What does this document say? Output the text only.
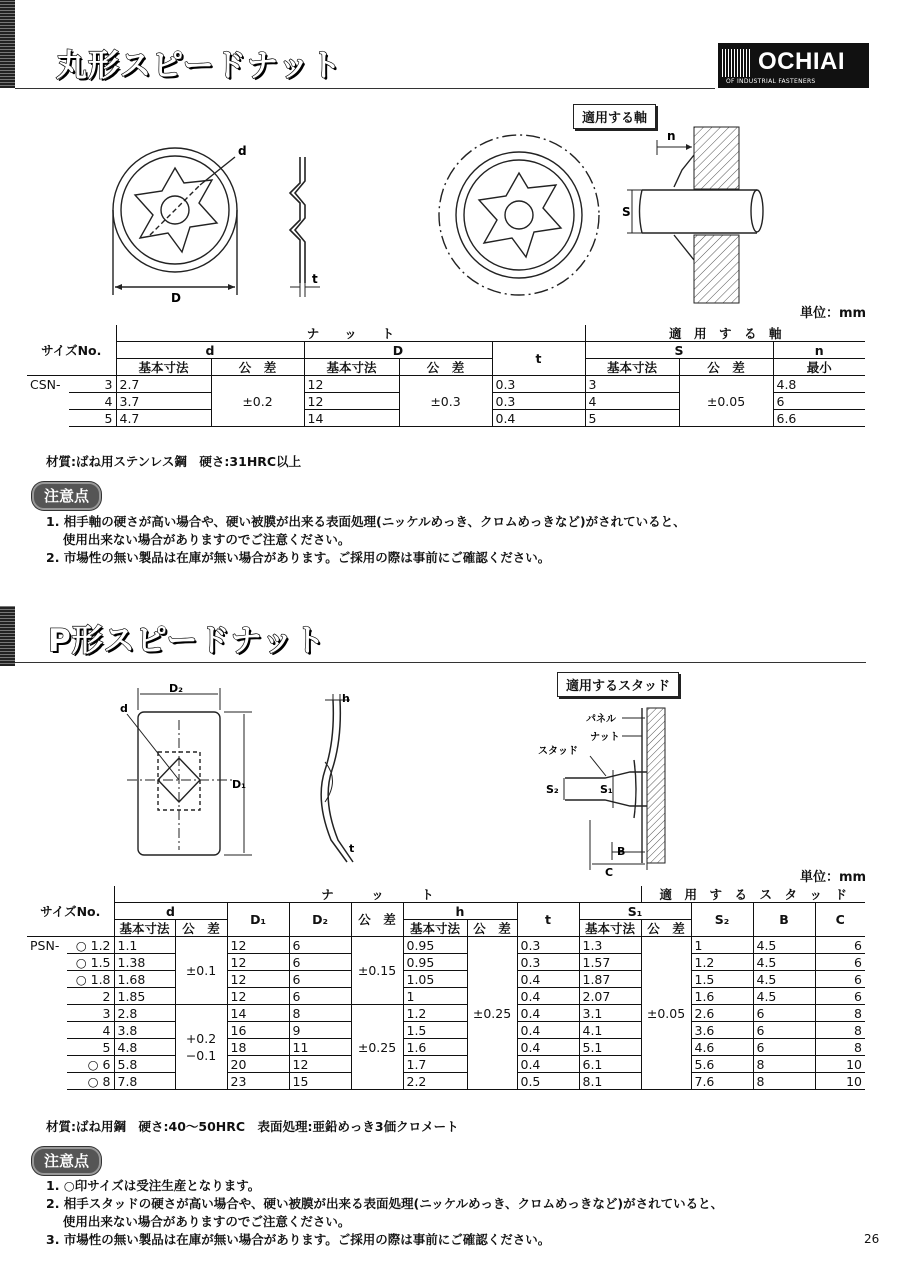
丸形スピードナット	OCHIAI
OF INDUSTRIAL FASTENERS
d
D
t
適用する軸
n
S
単位：mm
サイズNo.		ナ　　ッ　　ト					適　用　す　る　軸		
		d		D		t	S		n
		基本寸法	公　差	基本寸法	公　差		基本寸法	公　差	最小
CSN-	3	2.7	±0.2	12	±0.3	0.3	3	±0.05	4.8
	4	3.7		12		0.3	4		6
	5	4.7		14		0.4	5		6.6
材質:ばね用ステンレス鋼　硬さ:31HRC以上
注意点
1. 相手軸の硬さが高い場合や、硬い被膜が出来る表面処理(ニッケルめっき、クロムめっきなど)がされていると、
　 使用出来ない場合がありますのでご注意ください。
2. 市場性の無い製品は在庫が無い場合があります。ご採用の際は事前にご確認ください。
P形スピードナット
D₂
d
D₁
h
t
適用するスタッド
パネル
ナット
スタッド
S₂	S₁
B
C	単位：mm
サイズNo.		ナ　　　ッ　　　ト									適　用　す　る　ス　タ　ッ　ド			
		d		D₁	D₂	公　差	h		t	S₁		S₂	B	C
		基本寸法	公　差				基本寸法	公　差		基本寸法	公　差			
PSN-	○ 1.2	1.1	±0.1	12	6	±0.15	0.95	±0.25	0.3	1.3	±0.05	1	4.5	6
	○ 1.5	1.38		12	6		0.95		0.3	1.57		1.2	4.5	6
	○ 1.8	1.68		12	6		1.05		0.4	1.87		1.5	4.5	6
	2	1.85		12	6		1		0.4	2.07		1.6	4.5	6
	3	2.8	+0.2
−0.1	14	8	±0.25	1.2		0.4	3.1		2.6	6	8
	4	3.8		16	9		1.5		0.4	4.1		3.6	6	8
	5	4.8		18	11		1.6		0.4	5.1		4.6	6	8
	○ 6	5.8		20	12		1.7		0.4	6.1		5.6	8	10
	○ 8	7.8		23	15		2.2		0.5	8.1		7.6	8	10
材質:ばね用鋼　硬さ:40～50HRC　表面処理:亜鉛めっき3価クロメート
注意点
1. ○印サイズは受注生産となります。
2. 相手スタッドの硬さが高い場合や、硬い被膜が出来る表面処理(ニッケルめっき、クロムめっきなど)がされていると、
　 使用出来ない場合がありますのでご注意ください。
3. 市場性の無い製品は在庫が無い場合があります。ご採用の際は事前にご確認ください。	26
